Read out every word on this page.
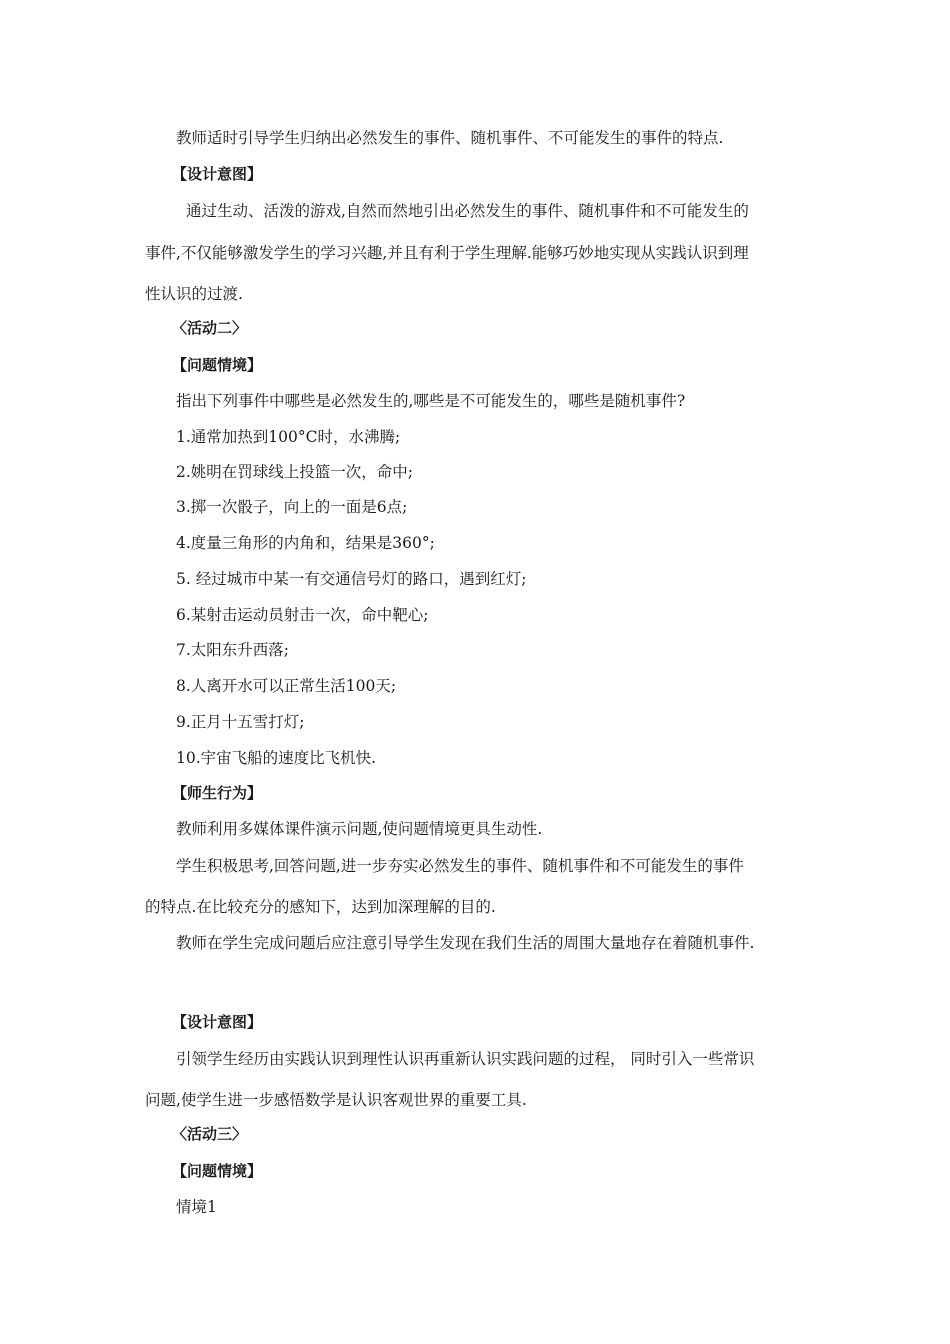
教师适时引导学生归纳出必然发生的事件、随机事件、不可能发生的事件的特点.
【设计意图】
通过生动、活泼的游戏,自然而然地引出必然发生的事件、随机事件和不可能发生的
事件,不仅能够激发学生的学习兴趣,并且有利于学生理解.能够巧妙地实现从实践认识到理
性认识的过渡.
〈活动二〉
【问题情境】
指出下列事件中哪些是必然发生的,哪些是不可能发生的，哪些是随机事件?
1.通常加热到100°C时，水沸腾;
2.姚明在罚球线上投篮一次，命中;
3.掷一次骰子，向上的一面是6点;
4.度量三角形的内角和，结果是360°;
5. 经过城市中某一有交通信号灯的路口，遇到红灯;
6.某射击运动员射击一次，命中靶心;
7.太阳东升西落;
8.人离开水可以正常生活100天;
9.正月十五雪打灯;
10.宇宙飞船的速度比飞机快.
【师生行为】
教师利用多媒体课件演示问题,使问题情境更具生动性.
学生积极思考,回答问题,进一步夯实必然发生的事件、随机事件和不可能发生的事件
的特点.在比较充分的感知下，达到加深理解的目的.
教师在学生完成问题后应注意引导学生发现在我们生活的周围大量地存在着随机事件.
【设计意图】
引领学生经历由实践认识到理性认识再重新认识实践问题的过程， 同时引入一些常识
问题,使学生进一步感悟数学是认识客观世界的重要工具.
〈活动三〉
【问题情境】
情境1
